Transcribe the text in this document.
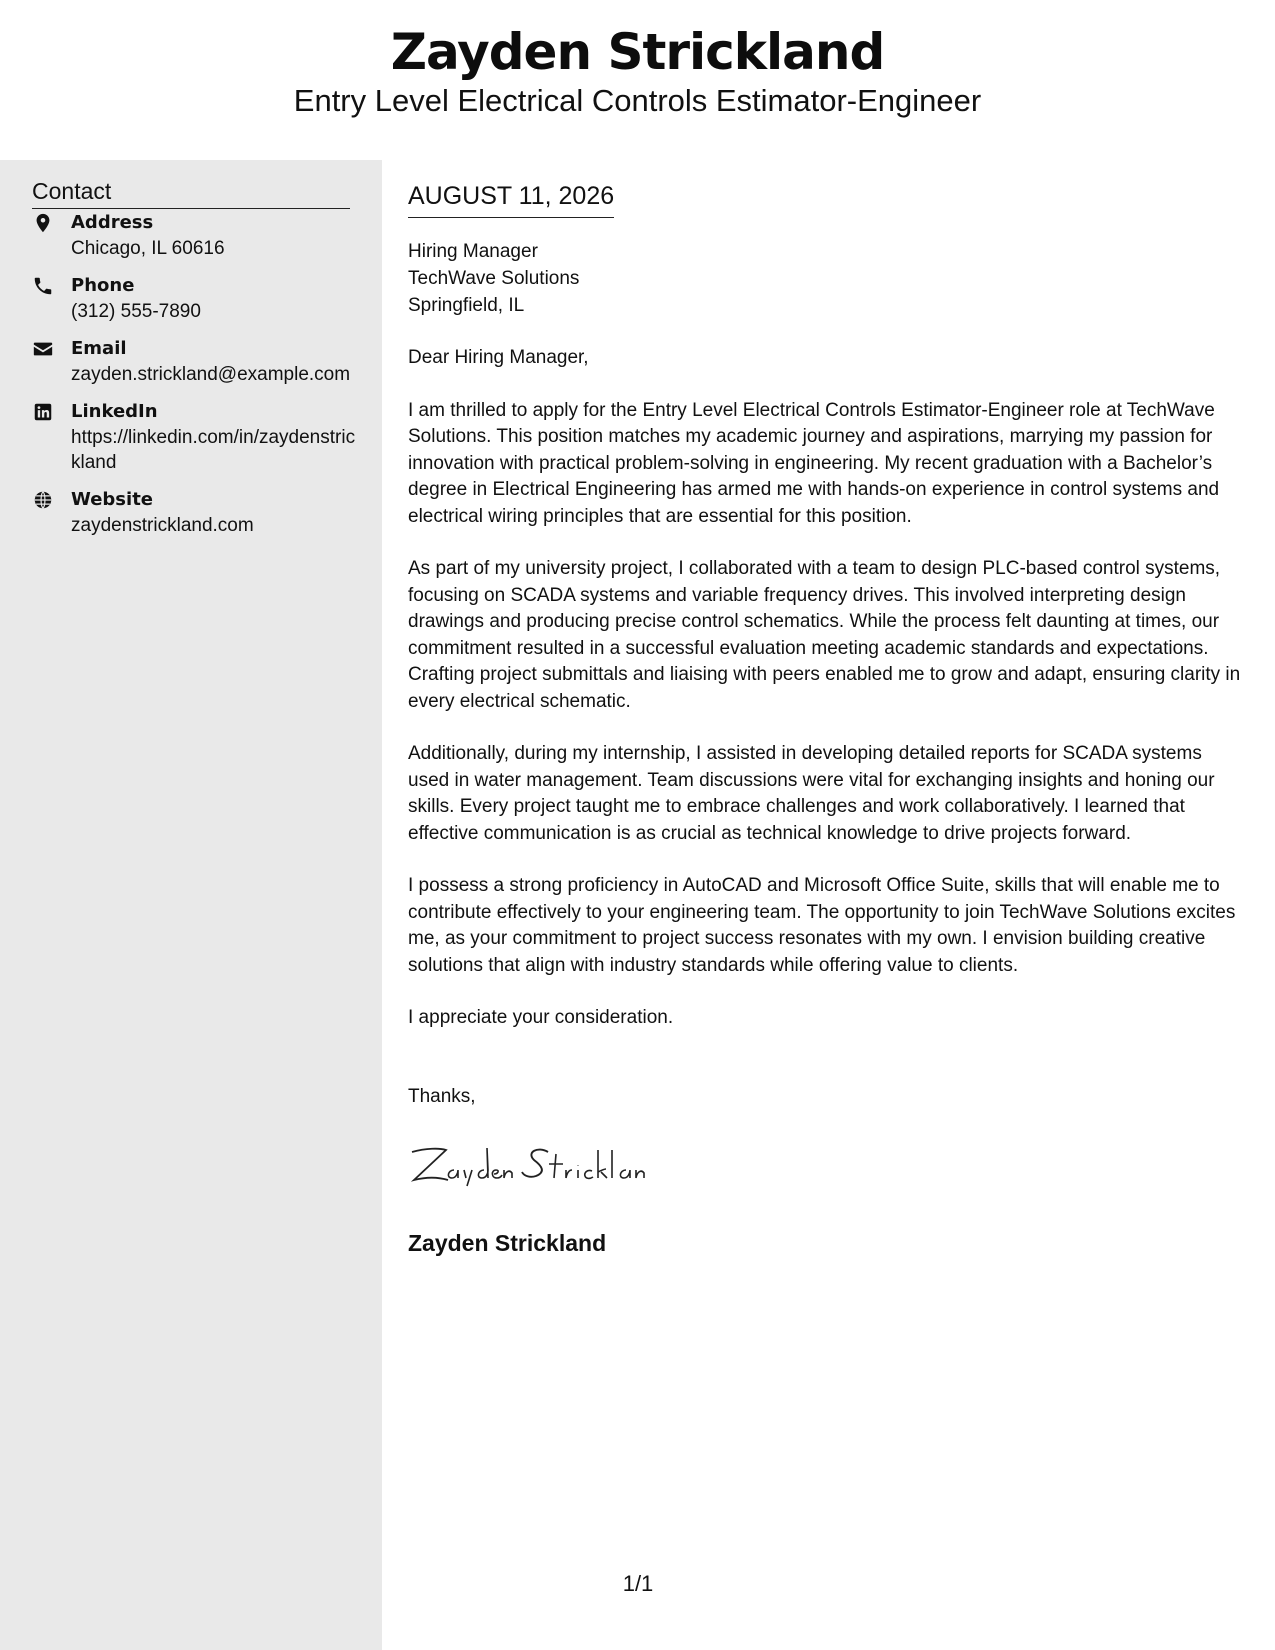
Zayden Strickland
Entry Level Electrical Controls Estimator-Engineer
Contact
Address
Chicago, IL 60616
Phone
(312) 555-7890
Email
zayden.strickland@example.com
LinkedIn
https://linkedin.com/in/zaydenstrickland
Website
zaydenstrickland.com
AUGUST 11, 2026
Hiring Manager
TechWave Solutions
Springfield, IL

Dear Hiring Manager,

I am thrilled to apply for the Entry Level Electrical Controls Estimator-Engineer role at TechWave Solutions. This position matches my academic journey and aspirations, marrying my passion for innovation with practical problem-solving in engineering. My recent graduation with a Bachelor’s degree in Electrical Engineering has armed me with hands-on experience in control systems and electrical wiring principles that are essential for this position.

As part of my university project, I collaborated with a team to design PLC-based control systems, focusing on SCADA systems and variable frequency drives. This involved interpreting design drawings and producing precise control schematics. While the process felt daunting at times, our commitment resulted in a successful evaluation meeting academic standards and expectations. Crafting project submittals and liaising with peers enabled me to grow and adapt, ensuring clarity in every electrical schematic.

Additionally, during my internship, I assisted in developing detailed reports for SCADA systems used in water management. Team discussions were vital for exchanging insights and honing our skills. Every project taught me to embrace challenges and work collaboratively. I learned that effective communication is as crucial as technical knowledge to drive projects forward.

I possess a strong proficiency in AutoCAD and Microsoft Office Suite, skills that will enable me to contribute effectively to your engineering team. The opportunity to join TechWave Solutions excites me, as your commitment to project success resonates with my own. I envision building creative solutions that align with industry standards while offering value to clients.

I appreciate your consideration.

Thanks,
Zayden Strickland
1/1
